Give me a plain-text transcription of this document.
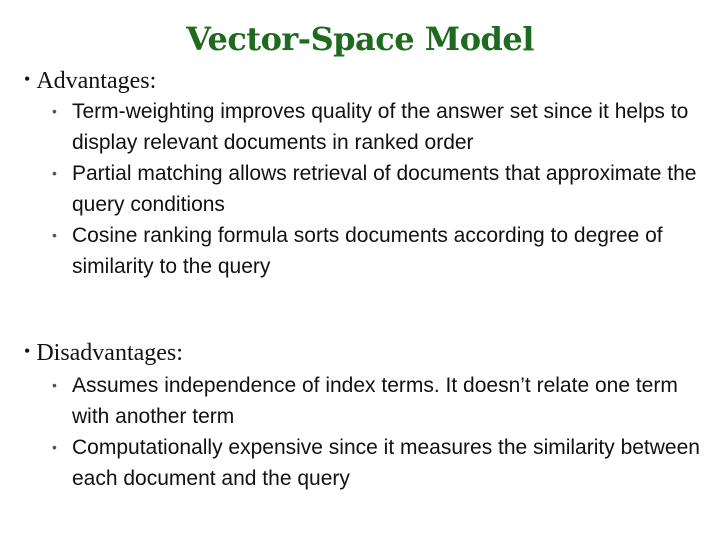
Vector-Space Model
• Advantages:
• Term-weighting improves quality of the answer set since it helps to display relevant documents in ranked order
• Partial matching allows retrieval of documents that approximate the query conditions
• Cosine ranking formula sorts documents according to degree of similarity to the query
• Disadvantages:
• Assumes independence of index terms. It doesn’t relate one term with another term
• Computationally expensive since it measures the similarity between each document and the query
